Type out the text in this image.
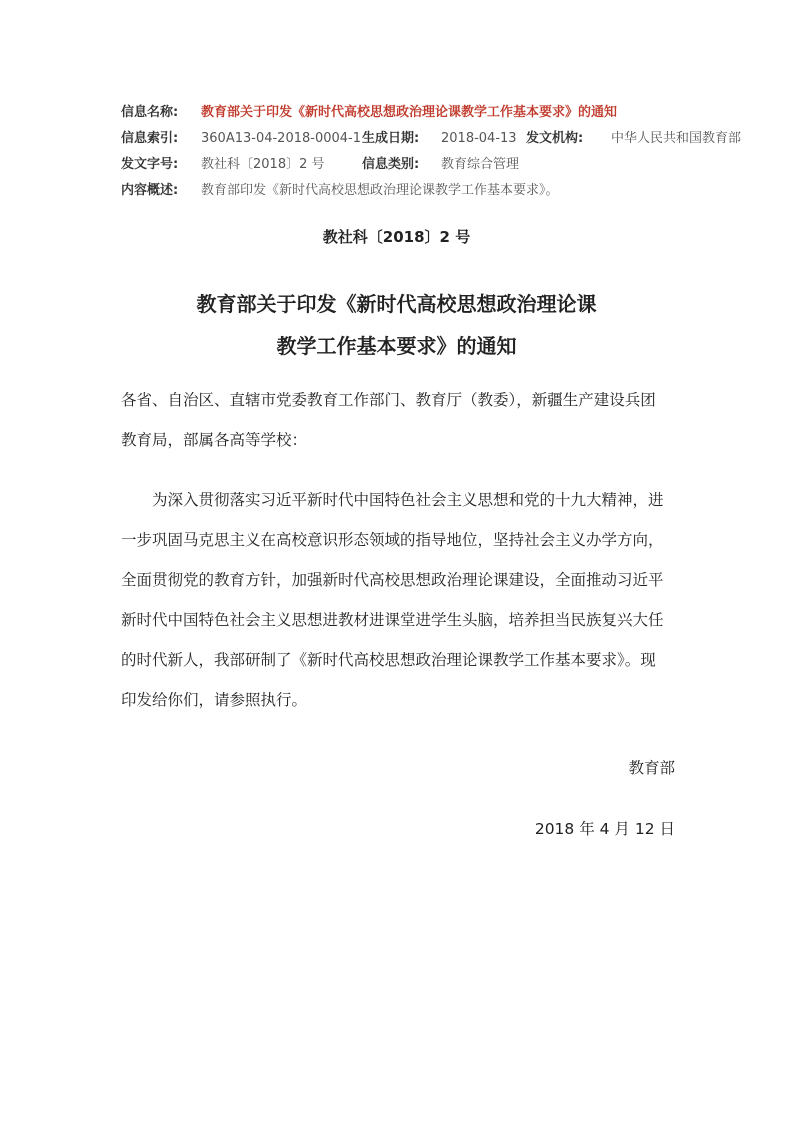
信息名称: 教育部关于印发《新时代高校思想政治理论课教学工作基本要求》的通知
信息索引: 360A13-04-2018-0004-1 生成日期: 2018-04-13 发文机构: 中华人民共和国教育部
发文字号: 教社科〔2018〕2 号	信息类别: 教育综合管理
内容概述: 教育部印发《新时代高校思想政治理论课教学工作基本要求》。
教社科〔2018〕2 号
教育部关于印发《新时代高校思想政治理论课
教学工作基本要求》的通知
各省、自治区、直辖市党委教育工作部门、教育厅（教委），新疆生产建设兵团
教育局，部属各高等学校：
　　为深入贯彻落实习近平新时代中国特色社会主义思想和党的十九大精神，进
一步巩固马克思主义在高校意识形态领域的指导地位，坚持社会主义办学方向，
全面贯彻党的教育方针，加强新时代高校思想政治理论课建设，全面推动习近平
新时代中国特色社会主义思想进教材进课堂进学生头脑，培养担当民族复兴大任
的时代新人，我部研制了《新时代高校思想政治理论课教学工作基本要求》。现
印发给你们，请参照执行。
教育部
2018 年 4 月 12 日
